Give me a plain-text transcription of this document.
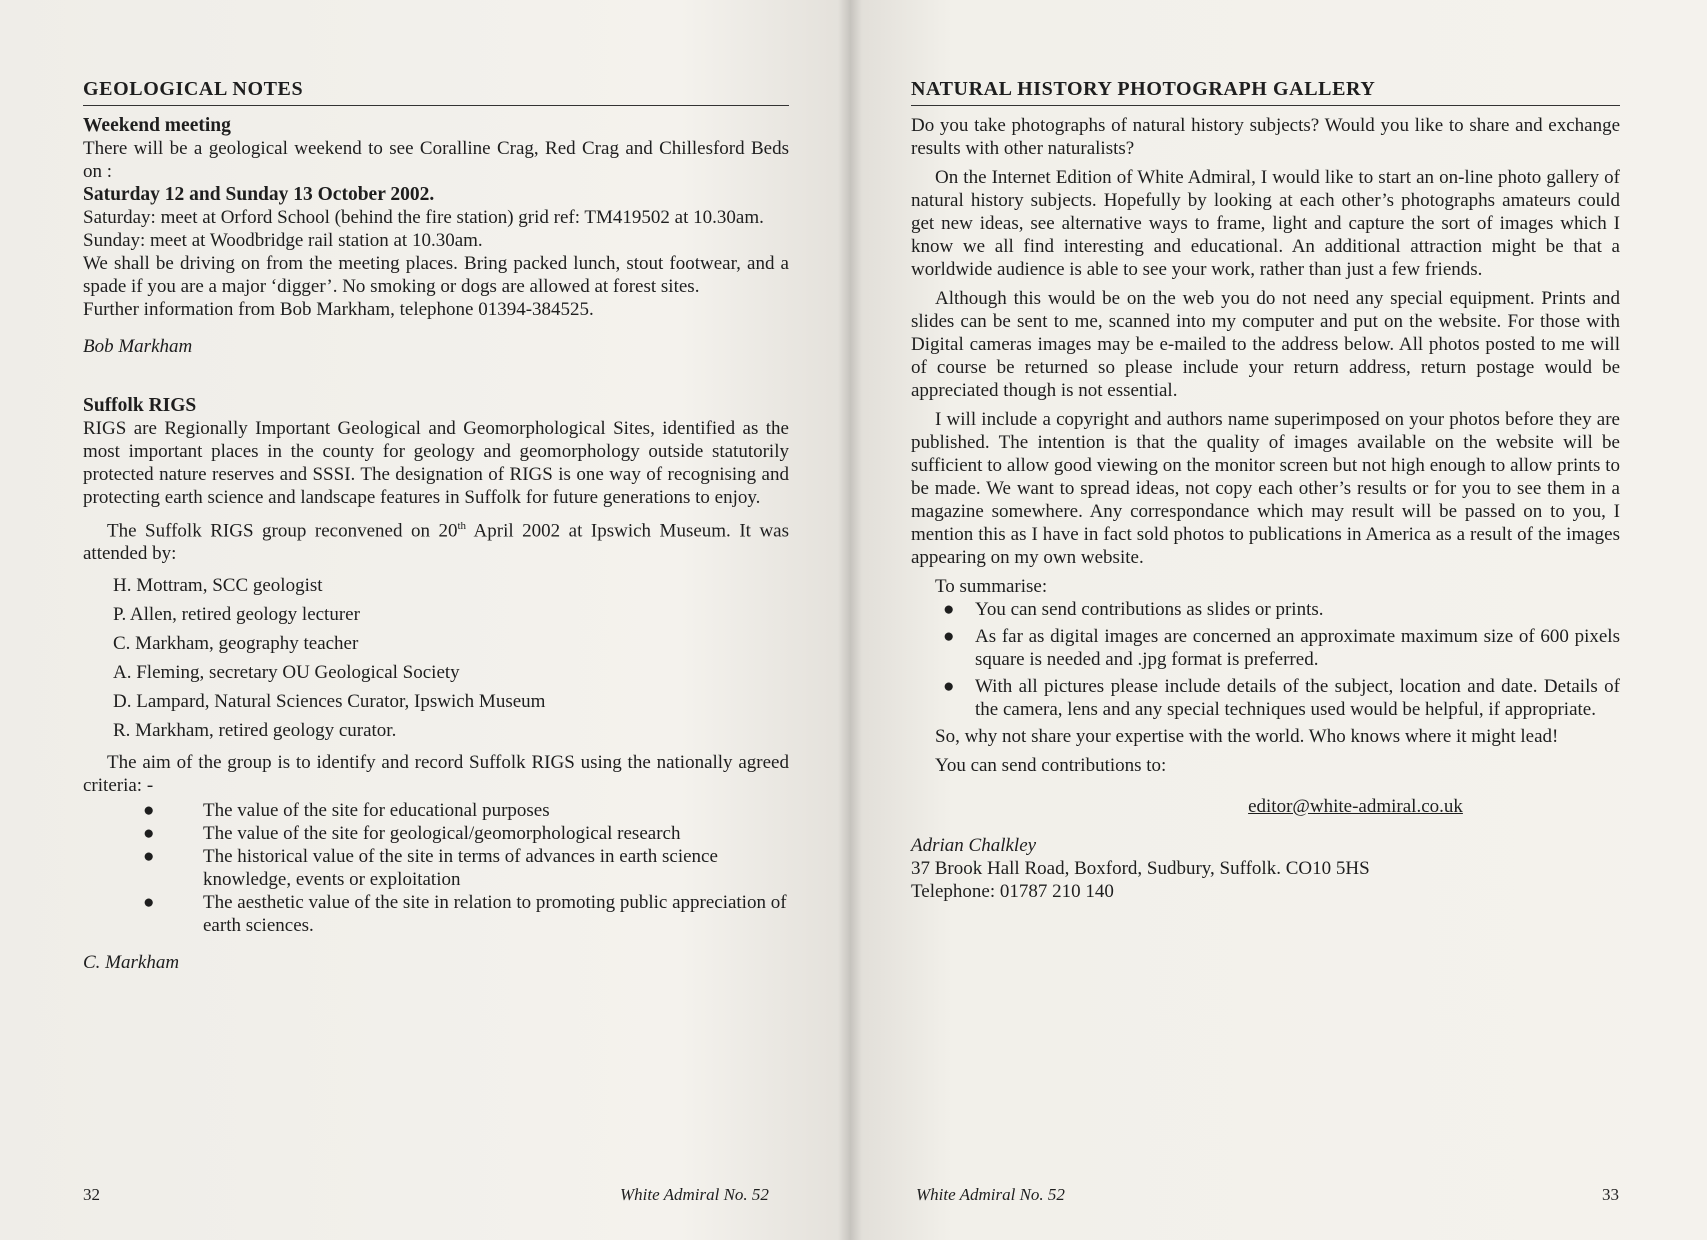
GEOLOGICAL NOTES

Weekend meeting

There will be a geological weekend to see Coralline Crag, Red Crag and Chillesford Beds on :

Saturday 12 and Sunday 13 October 2002.

Saturday: meet at Orford School (behind the fire station) grid ref: TM419502 at 10.30am.

Sunday: meet at Woodbridge rail station at 10.30am.

We shall be driving on from the meeting places. Bring packed lunch, stout footwear, and a spade if you are a major ‘digger’. No smoking or dogs are allowed at forest sites.

Further information from Bob Markham, telephone 01394-384525.

Bob Markham

Suffolk RIGS

RIGS are Regionally Important Geological and Geomorphological Sites, identified as the most important places in the county for geology and geomorphology outside statutorily protected nature reserves and SSSI. The designation of RIGS is one way of recognising and protecting earth science and landscape features in Suffolk for future generations to enjoy.

The Suffolk RIGS group reconvened on 20th April 2002 at Ipswich Museum. It was attended by:

H. Mottram, SCC geologist
P. Allen, retired geology lecturer
C. Markham, geography teacher
A. Fleming, secretary OU Geological Society
D. Lampard, Natural Sciences Curator, Ipswich Museum
R. Markham, retired geology curator.

The aim of the group is to identify and record Suffolk RIGS using the nationally agreed criteria: -

●	The value of the site for educational purposes
●	The value of the site for geological/geomorphological research
●	The historical value of the site in terms of advances in earth science knowledge, events or exploitation
●	The aesthetic value of the site in relation to promoting public appreciation of earth sciences.

C. Markham

32	White Admiral No. 52
NATURAL HISTORY PHOTOGRAPH GALLERY

Do you take photographs of natural history subjects? Would you like to share and exchange results with other naturalists?

On the Internet Edition of White Admiral, I would like to start an on-line photo gallery of natural history subjects. Hopefully by looking at each other’s photographs amateurs could get new ideas, see alternative ways to frame, light and capture the sort of images which I know we all find interesting and educational. An additional attraction might be that a worldwide audience is able to see your work, rather than just a few friends.

Although this would be on the web you do not need any special equipment. Prints and slides can be sent to me, scanned into my computer and put on the website. For those with Digital cameras images may be e-mailed to the address below. All photos posted to me will of course be returned so please include your return address, return postage would be appreciated though is not essential.

I will include a copyright and authors name superimposed on your photos before they are published. The intention is that the quality of images available on the website will be sufficient to allow good viewing on the monitor screen but not high enough to allow prints to be made. We want to spread ideas, not copy each other’s results or for you to see them in a magazine somewhere. Any correspondance which may result will be passed on to you, I mention this as I have in fact sold photos to publications in America as a result of the images appearing on my own website.

To summarise:

● You can send contributions as slides or prints.
● As far as digital images are concerned an approximate maximum size of 600 pixels square is needed and .jpg format is preferred.
● With all pictures please include details of the subject, location and date. Details of the camera, lens and any special techniques used would be helpful, if appropriate.

So, why not share your expertise with the world. Who knows where it might lead!

You can send contributions to:

editor@white-admiral.co.uk
Adrian Chalkley
37 Brook Hall Road, Boxford, Sudbury, Suffolk. CO10 5HS
Telephone: 01787 210 140
White Admiral No. 52	33
